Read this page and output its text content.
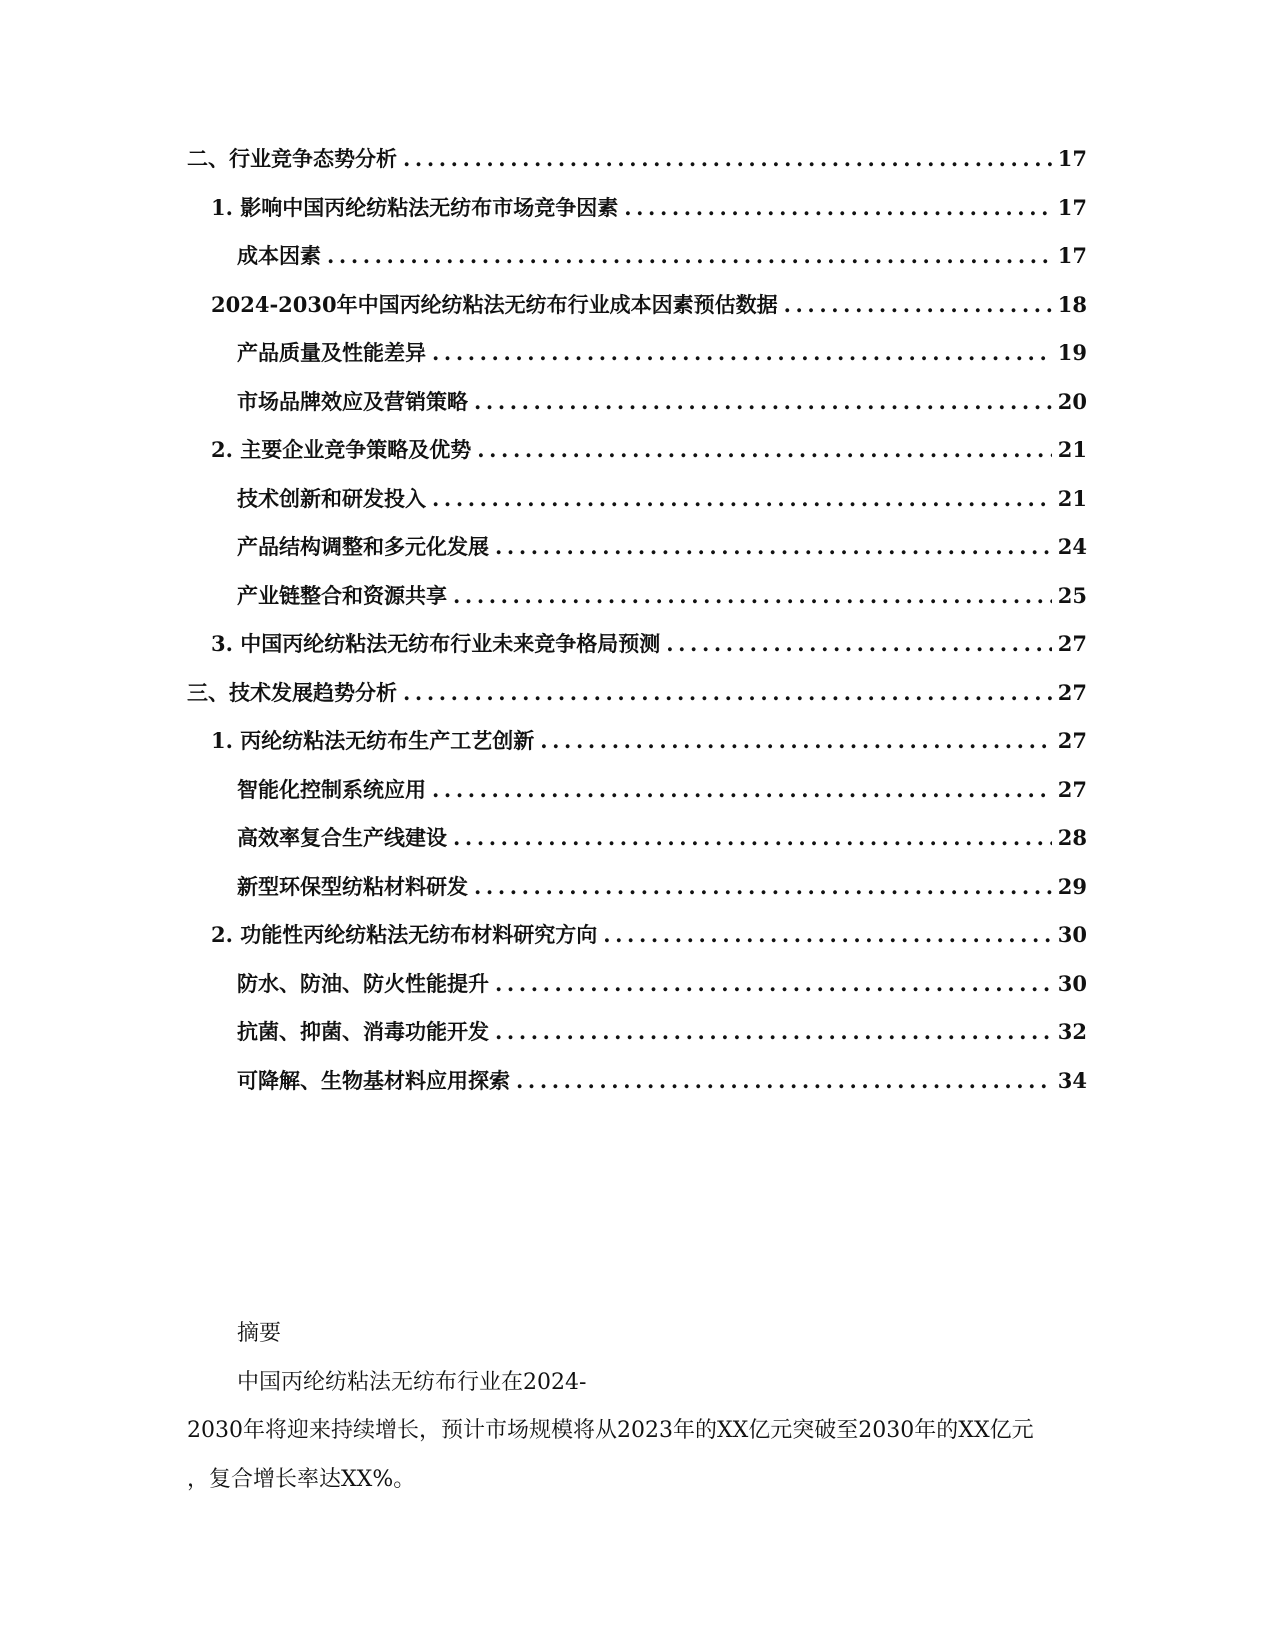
二、行业竞争态势分析 .....	17
1. 影响中国丙纶纺粘法无纺布市场竞争因素 .....	17
成本因素 .....	17
2024-2030年中国丙纶纺粘法无纺布行业成本因素预估数据 .....	18
产品质量及性能差异 .....	19
市场品牌效应及营销策略 .....	20
2. 主要企业竞争策略及优势 .....	21
技术创新和研发投入 .....	21
产品结构调整和多元化发展 .....	24
产业链整合和资源共享 .....	25
3. 中国丙纶纺粘法无纺布行业未来竞争格局预测 .....	27
三、技术发展趋势分析 .....	27
1. 丙纶纺粘法无纺布生产工艺创新 .....	27
智能化控制系统应用 .....	27
高效率复合生产线建设 .....	28
新型环保型纺粘材料研发 .....	29
2. 功能性丙纶纺粘法无纺布材料研究方向 .....	30
防水、防油、防火性能提升 .....	30
抗菌、抑菌、消毒功能开发 .....	32
可降解、生物基材料应用探索 .....	34
摘要
中国丙纶纺粘法无纺布行业在2024-
2030年将迎来持续增长，预计市场规模将从2023年的XX亿元突破至2030年的XX亿元
，复合增长率达XX%。
